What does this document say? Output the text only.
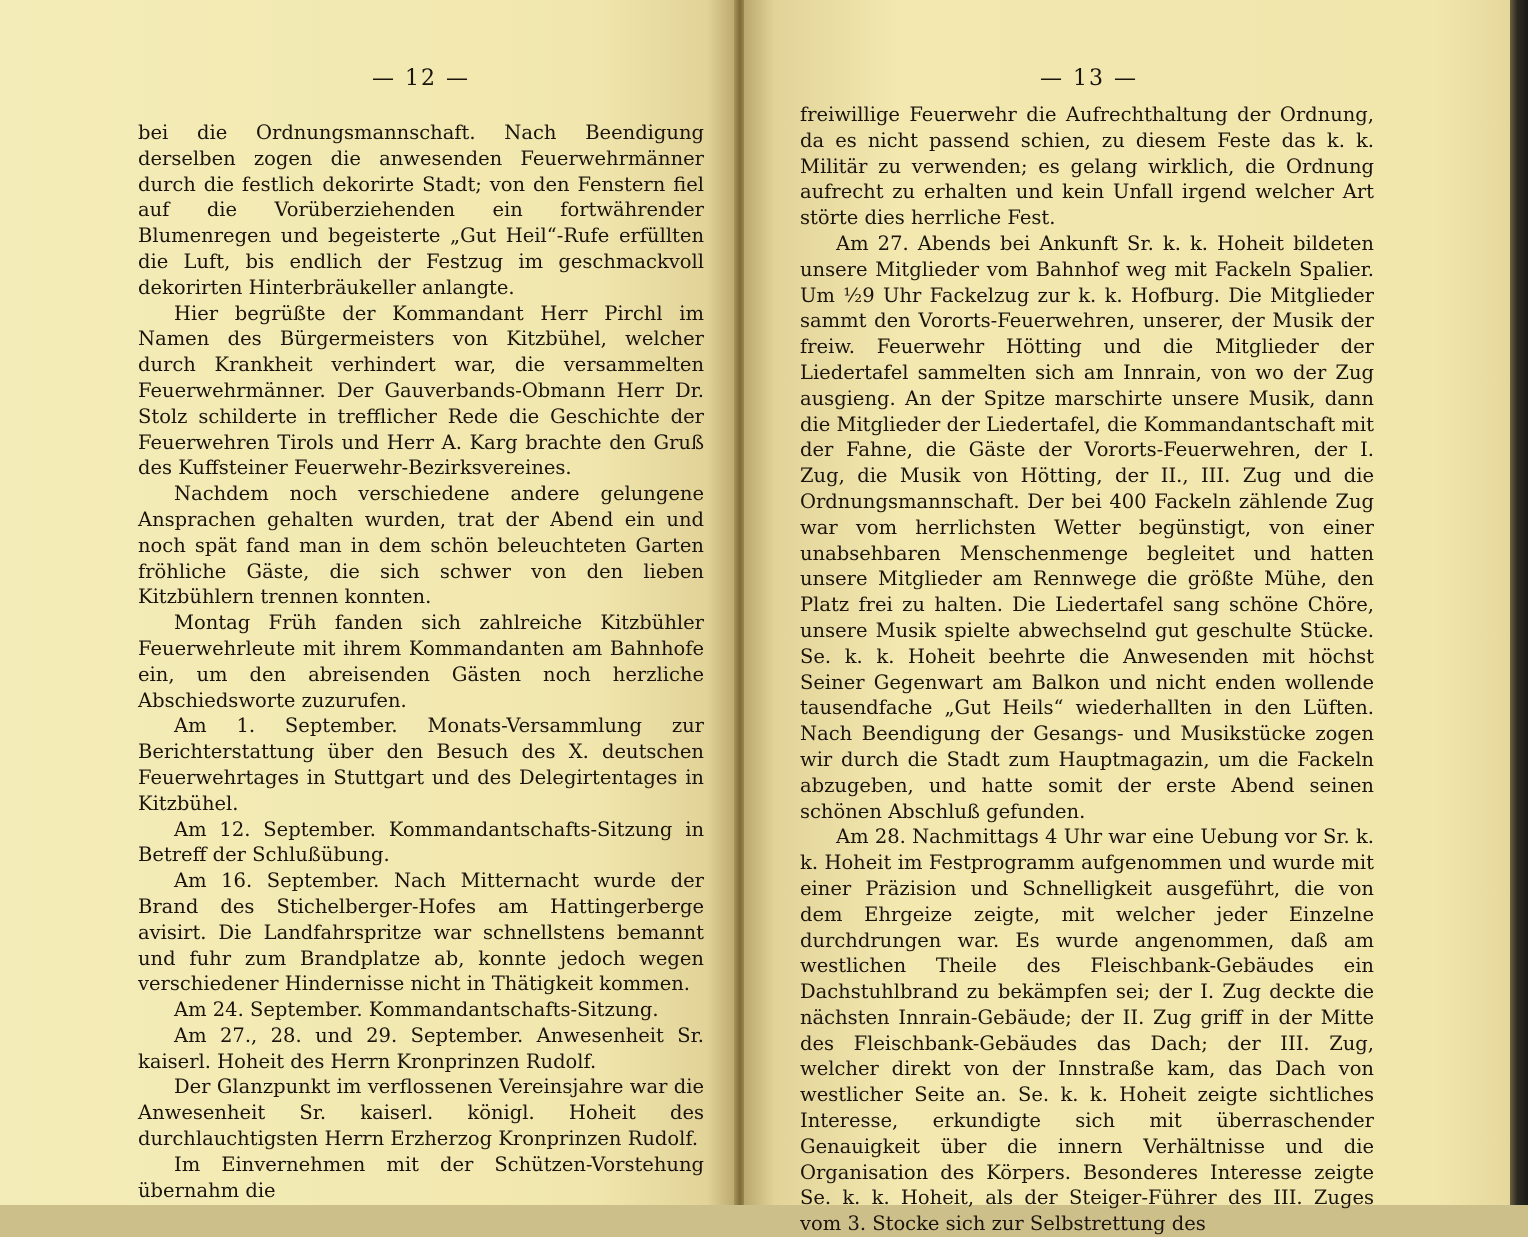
— 12 —

bei die Ordnungsmannschaft. Nach Beendigung derselben zogen die anwesenden Feuerwehrmänner durch die festlich dekorirte Stadt; von den Fenstern fiel auf die Vorüberziehenden ein fortwährender Blumenregen und begeisterte „Gut Heil“-Rufe erfüllten die Luft, bis endlich der Festzug im geschmackvoll dekorirten Hinterbräukeller anlangte.

Hier begrüßte der Kommandant Herr Pirchl im Namen des Bürgermeisters von Kitzbühel, welcher durch Krankheit verhindert war, die versammelten Feuerwehrmänner. Der Gauverbands-Obmann Herr Dr. Stolz schilderte in trefflicher Rede die Geschichte der Feuerwehren Tirols und Herr A. Karg brachte den Gruß des Kuffsteiner Feuerwehr-Bezirksvereines.

Nachdem noch verschiedene andere gelungene Ansprachen gehalten wurden, trat der Abend ein und noch spät fand man in dem schön beleuchteten Garten fröhliche Gäste, die sich schwer von den lieben Kitzbühlern trennen konnten.

Montag Früh fanden sich zahlreiche Kitzbühler Feuerwehrleute mit ihrem Kommandanten am Bahnhofe ein, um den abreisenden Gästen noch herzliche Abschiedsworte zuzurufen.

Am 1. September. Monats-Versammlung zur Berichterstattung über den Besuch des X. deutschen Feuerwehrtages in Stuttgart und des Delegirtentages in Kitzbühel.

Am 12. September. Kommandantschafts-Sitzung in Betreff der Schlußübung.

Am 16. September. Nach Mitternacht wurde der Brand des Stichelberger-Hofes am Hattingerberge avisirt. Die Landfahrspritze war schnellstens bemannt und fuhr zum Brandplatze ab, konnte jedoch wegen verschiedener Hindernisse nicht in Thätigkeit kommen.

Am 24. September. Kommandantschafts-Sitzung.

Am 27., 28. und 29. September. Anwesenheit Sr. kaiserl. Hoheit des Herrn Kronprinzen Rudolf.

Der Glanzpunkt im verflossenen Vereinsjahre war die Anwesenheit Sr. kaiserl. königl. Hoheit des durchlauchtigsten Herrn Erzherzog Kronprinzen Rudolf.

Im Einvernehmen mit der Schützen-Vorstehung übernahm die

— 13 —

freiwillige Feuerwehr die Aufrechthaltung der Ordnung, da es nicht passend schien, zu diesem Feste das k. k. Militär zu verwenden; es gelang wirklich, die Ordnung aufrecht zu erhalten und kein Unfall irgend welcher Art störte dies herrliche Fest.

Am 27. Abends bei Ankunft Sr. k. k. Hoheit bildeten unsere Mitglieder vom Bahnhof weg mit Fackeln Spalier. Um ½9 Uhr Fackelzug zur k. k. Hofburg. Die Mitglieder sammt den Vororts-Feuerwehren, unserer, der Musik der freiw. Feuerwehr Hötting und die Mitglieder der Liedertafel sammelten sich am Innrain, von wo der Zug ausgieng. An der Spitze marschirte unsere Musik, dann die Mitglieder der Liedertafel, die Kommandantschaft mit der Fahne, die Gäste der Vororts-Feuerwehren, der I. Zug, die Musik von Hötting, der II., III. Zug und die Ordnungsmannschaft. Der bei 400 Fackeln zählende Zug war vom herrlichsten Wetter begünstigt, von einer unabsehbaren Menschenmenge begleitet und hatten unsere Mitglieder am Rennwege die größte Mühe, den Platz frei zu halten. Die Liedertafel sang schöne Chöre, unsere Musik spielte abwechselnd gut geschulte Stücke. Se. k. k. Hoheit beehrte die Anwesenden mit höchst Seiner Gegenwart am Balkon und nicht enden wollende tausendfache „Gut Heils“ wiederhallten in den Lüften. Nach Beendigung der Gesangs- und Musikstücke zogen wir durch die Stadt zum Hauptmagazin, um die Fackeln abzugeben, und hatte somit der erste Abend seinen schönen Abschluß gefunden.

Am 28. Nachmittags 4 Uhr war eine Uebung vor Sr. k. k. Hoheit im Festprogramm aufgenommen und wurde mit einer Präzision und Schnelligkeit ausgeführt, die von dem Ehrgeize zeigte, mit welcher jeder Einzelne durchdrungen war. Es wurde angenommen, daß am westlichen Theile des Fleischbank-Gebäudes ein Dachstuhlbrand zu bekämpfen sei; der I. Zug deckte die nächsten Innrain-Gebäude; der II. Zug griff in der Mitte des Fleischbank-Gebäudes das Dach; der III. Zug, welcher direkt von der Innstraße kam, das Dach von westlicher Seite an. Se. k. k. Hoheit zeigte sichtliches Interesse, erkundigte sich mit überraschender Genauigkeit über die innern Verhältnisse und die Organisation des Körpers. Besonderes Interesse zeigte Se. k. k. Hoheit, als der Steiger-Führer des III. Zuges vom 3. Stocke sich zur Selbstrettung des
